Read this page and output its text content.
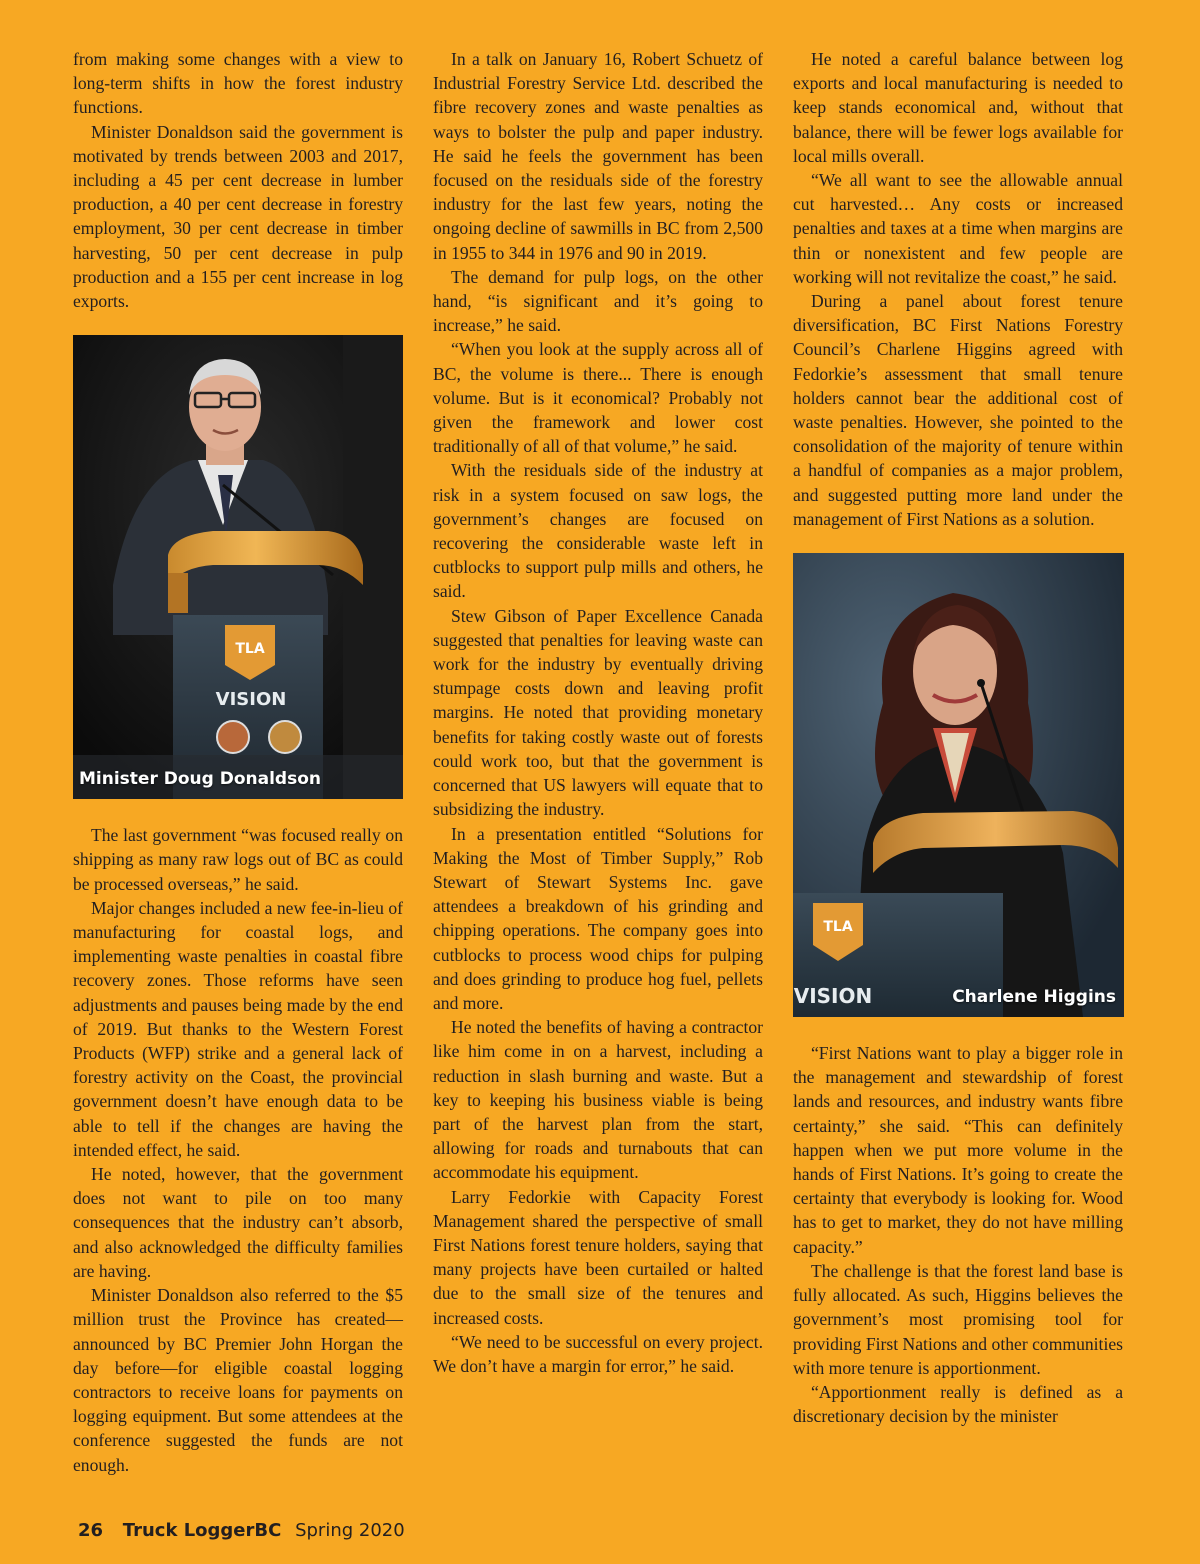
from making some changes with a view to long-term shifts in how the forest industry functions.

Minister Donaldson said the government is motivated by trends between 2003 and 2017, including a 45 per cent decrease in lumber production, a 40 per cent decrease in forestry employment, 30 per cent decrease in timber harvesting, 50 per cent decrease in pulp production and a 155 per cent increase in log exports.

TLA
VISION
Minister Doug Donaldson

The last government “was focused really on shipping as many raw logs out of BC as could be processed overseas,” he said.

Major changes included a new fee-in-lieu of manufacturing for coastal logs, and implementing waste penalties in coastal fibre recovery zones. Those reforms have seen adjustments and pauses being made by the end of 2019. But thanks to the Western Forest Products (WFP) strike and a general lack of forestry activity on the Coast, the provincial government doesn’t have enough data to be able to tell if the changes are having the intended effect, he said.

He noted, however, that the government does not want to pile on too many consequences that the industry can’t absorb, and also acknowledged the difficulty families are having.

Minister Donaldson also referred to the $5 million trust the Province has created—announced by BC Premier John Horgan the day before—for eligible coastal logging contractors to receive loans for payments on logging equipment. But some attendees at the conference suggested the funds are not enough.

In a talk on January 16, Robert Schuetz of Industrial Forestry Service Ltd. described the fibre recovery zones and waste penalties as ways to bolster the pulp and paper industry. He said he feels the government has been focused on the residuals side of the forestry industry for the last few years, noting the ongoing decline of sawmills in BC from 2,500 in 1955 to 344 in 1976 and 90 in 2019.

The demand for pulp logs, on the other hand, “is significant and it’s going to increase,” he said.

“When you look at the supply across all of BC, the volume is there... There is enough volume. But is it economical? Probably not given the framework and lower cost traditionally of all of that volume,” he said.

With the residuals side of the industry at risk in a system focused on saw logs, the government’s changes are focused on recovering the considerable waste left in cutblocks to support pulp mills and others, he said.

Stew Gibson of Paper Excellence Canada suggested that penalties for leaving waste can work for the industry by eventually driving stumpage costs down and leaving profit margins. He noted that providing monetary benefits for taking costly waste out of forests could work too, but that the government is concerned that US lawyers will equate that to subsidizing the industry.

In a presentation entitled “Solutions for Making the Most of Timber Supply,” Rob Stewart of Stewart Systems Inc. gave attendees a breakdown of his grinding and chipping operations. The company goes into cutblocks to process wood chips for pulping and does grinding to produce hog fuel, pellets and more.

He noted the benefits of having a contractor like him come in on a harvest, including a reduction in slash burning and waste. But a key to keeping his business viable is being part of the harvest plan from the start, allowing for roads and turnabouts that can accommodate his equipment.

Larry Fedorkie with Capacity Forest Management shared the perspective of small First Nations forest tenure holders, saying that many projects have been curtailed or halted due to the small size of the tenures and increased costs.

“We need to be successful on every project. We don’t have a margin for error,” he said.

He noted a careful balance between log exports and local manufacturing is needed to keep stands economical and, without that balance, there will be fewer logs available for local mills overall.

“We all want to see the allowable annual cut harvested… Any costs or increased penalties and taxes at a time when margins are thin or nonexistent and few people are working will not revitalize the coast,” he said.

During a panel about forest tenure diversification, BC First Nations Forestry Council’s Charlene Higgins agreed with Fedorkie’s assessment that small tenure holders cannot bear the additional cost of waste penalties. However, she pointed to the consolidation of the majority of tenure within a handful of companies as a major problem, and suggested putting more land under the management of First Nations as a solution.

TLA
VISION	Charlene Higgins

“First Nations want to play a bigger role in the management and stewardship of forest lands and resources, and industry wants fibre certainty,” she said. “This can definitely happen when we put more volume in the hands of First Nations. It’s going to create the certainty that everybody is looking for. Wood has to get to market, they do not have milling capacity.”

The challenge is that the forest land base is fully allocated. As such, Higgins believes the government’s most promising tool for providing First Nations and other communities with more tenure is apportionment.

“Apportionment really is defined as a discretionary decision by the minister

26 Truck LoggerBC Spring 2020
